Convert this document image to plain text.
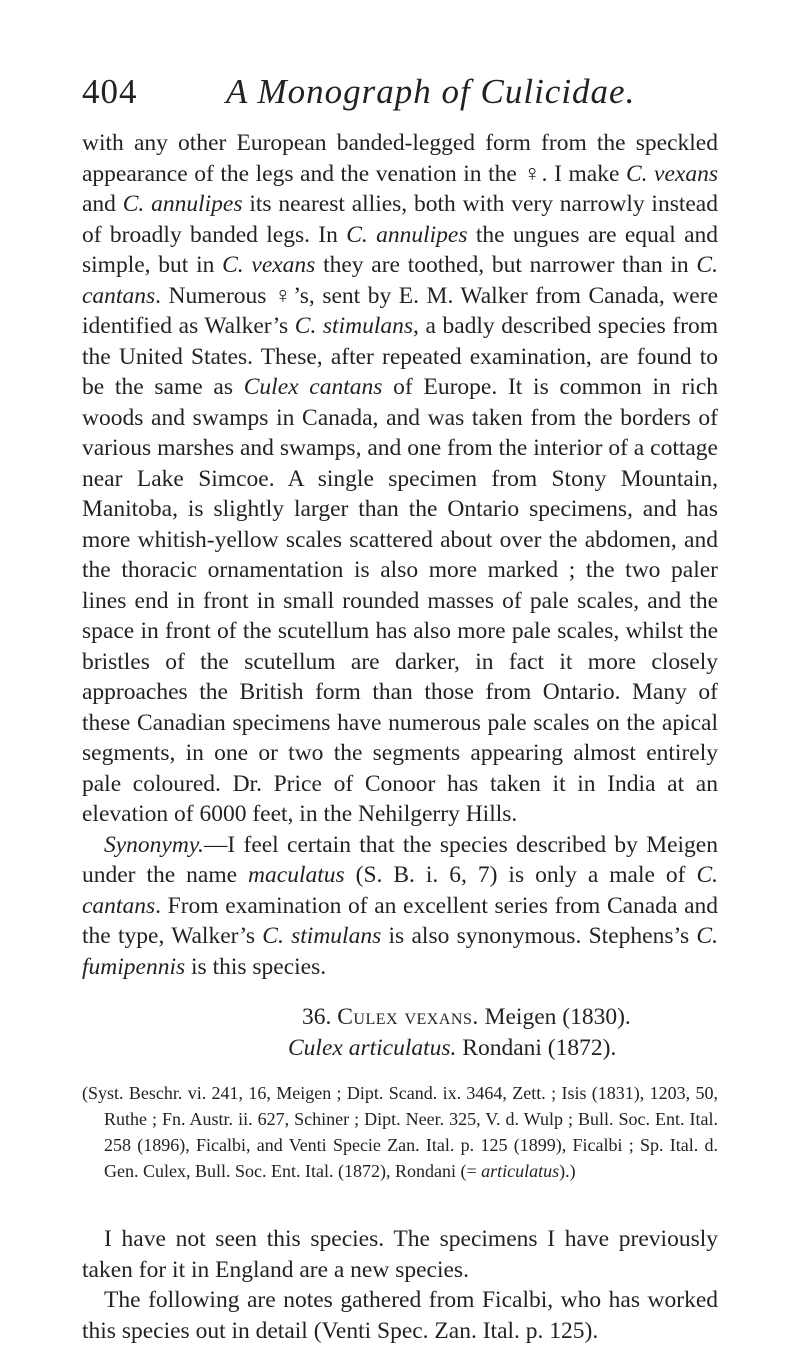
404	A Monograph of Culicidae.

with any other European banded-legged form from the speckled appearance of the legs and the venation in the ♀. I make C. vexans and C. annulipes its nearest allies, both with very narrowly instead of broadly banded legs. In C. annulipes the ungues are equal and simple, but in C. vexans they are toothed, but narrower than in C. cantans. Numerous ♀’s, sent by E. M. Walker from Canada, were identified as Walker’s C. stimulans, a badly described species from the United States. These, after repeated examination, are found to be the same as Culex cantans of Europe. It is common in rich woods and swamps in Canada, and was taken from the borders of various marshes and swamps, and one from the interior of a cottage near Lake Simcoe. A single specimen from Stony Mountain, Manitoba, is slightly larger than the Ontario specimens, and has more whitish-yellow scales scattered about over the abdomen, and the thoracic ornamentation is also more marked ; the two paler lines end in front in small rounded masses of pale scales, and the space in front of the scutellum has also more pale scales, whilst the bristles of the scutellum are darker, in fact it more closely approaches the British form than those from Ontario. Many of these Canadian specimens have numerous pale scales on the apical segments, in one or two the segments appearing almost entirely pale coloured. Dr. Price of Conoor has taken it in India at an elevation of 6000 feet, in the Nehilgerry Hills.

Synonymy.—I feel certain that the species described by Meigen under the name maculatus (S. B. i. 6, 7) is only a male of C. cantans. From examination of an excellent series from Canada and the type, Walker’s C. stimulans is also synonymous. Stephens’s C. fumipennis is this species.

36. Culex vexans. Meigen (1830).
Culex articulatus. Rondani (1872).

(Syst. Beschr. vi. 241, 16, Meigen ; Dipt. Scand. ix. 3464, Zett. ; Isis (1831), 1203, 50, Ruthe ; Fn. Austr. ii. 627, Schiner ; Dipt. Neer. 325, V. d. Wulp ; Bull. Soc. Ent. Ital. 258 (1896), Ficalbi, and Venti Specie Zan. Ital. p. 125 (1899), Ficalbi ; Sp. Ital. d. Gen. Culex, Bull. Soc. Ent. Ital. (1872), Rondani (= articulatus).)

I have not seen this species. The specimens I have previously taken for it in England are a new species.

The following are notes gathered from Ficalbi, who has worked this species out in detail (Venti Spec. Zan. Ital. p. 125).
